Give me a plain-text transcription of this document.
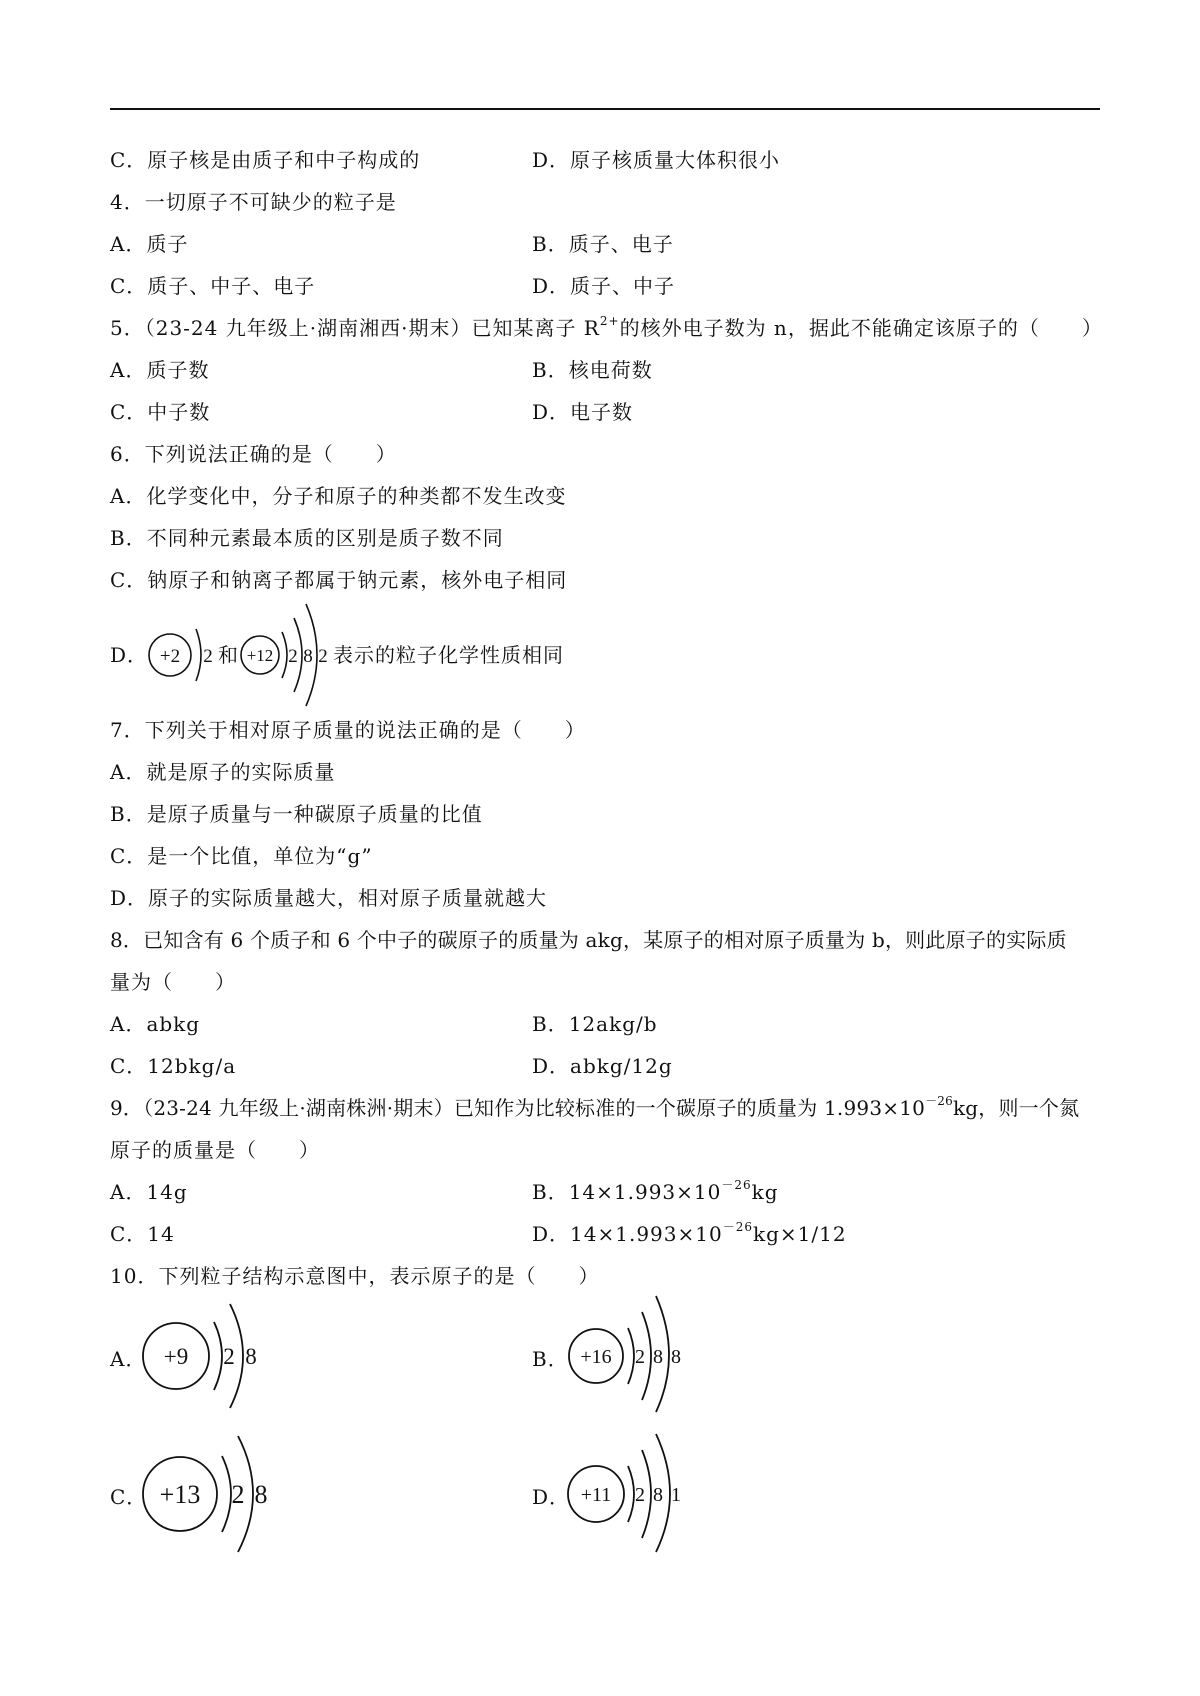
C．原子核是由质子和中子构成的	D．原子核质量大体积很小
4．一切原子不可缺少的粒子是
A．质子	B．质子、电子
C．质子、中子、电子	D．质子、中子
5．（23-24 九年级上·湖南湘西·期末）已知某离子 $R^{2+}$的核外电子数为 n，据此不能确定该原子的（　　）
A．质子数	B．核电荷数
C．中子数	D．电子数
6．下列说法正确的是（　　）
A．化学变化中，分子和原子的种类都不发生改变
B．不同种元素最本质的区别是质子数不同
C．钠原子和钠离子都属于钠元素，核外电子相同
D． +2 2 和 +12 2 8 2 表示的粒子化学性质相同
7．下列关于相对原子质量的说法正确的是（　　）
A．就是原子的实际质量
B．是原子质量与一种碳原子质量的比值
C．是一个比值，单位为“g”
D．原子的实际质量越大，相对原子质量就越大
8．已知含有 6 个质子和 6 个中子的碳原子的质量为 akg，某原子的相对原子质量为 b，则此原子的实际质
量为（　　）
A．abkg	B．12akg/b
C．12bkg/a	D．abkg/12g
9．（23-24 九年级上·湖南株洲·期末）已知作为比较标准的一个碳原子的质量为 $1.993\times 10^{-26}kg$，则一个氮
原子的质量是（　　）
A．14g	B．$14\times 1.993\times 10^{-26}kg$
C．14	D．$14\times 1.993\times 10^{-26}kg\times 1/12$
10．下列粒子结构示意图中，表示原子的是（　　）
A． +9 2 8	B． +16 2 8 8
C． +13 2 8	D． +11 2 8 1
